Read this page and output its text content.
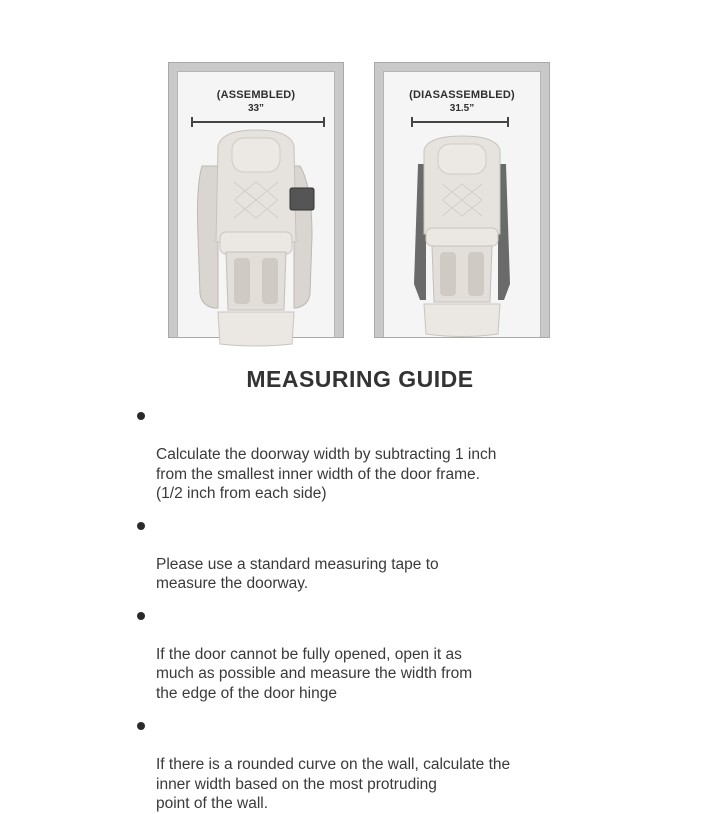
(ASSEMBLED)
33”
(DIASASSEMBLED)
31.5”
MEASURING GUIDE

Calculate the doorway width by subtracting 1 inch
from the smallest inner width of the door frame.
(1/2 inch from each side)

Please use a standard measuring tape to
measure the doorway.

If the door cannot be fully opened, open it as
much as possible and measure the width from
the edge of the door hinge

If there is a rounded curve on the wall, calculate the
inner width based on the most protruding
point of the wall.
